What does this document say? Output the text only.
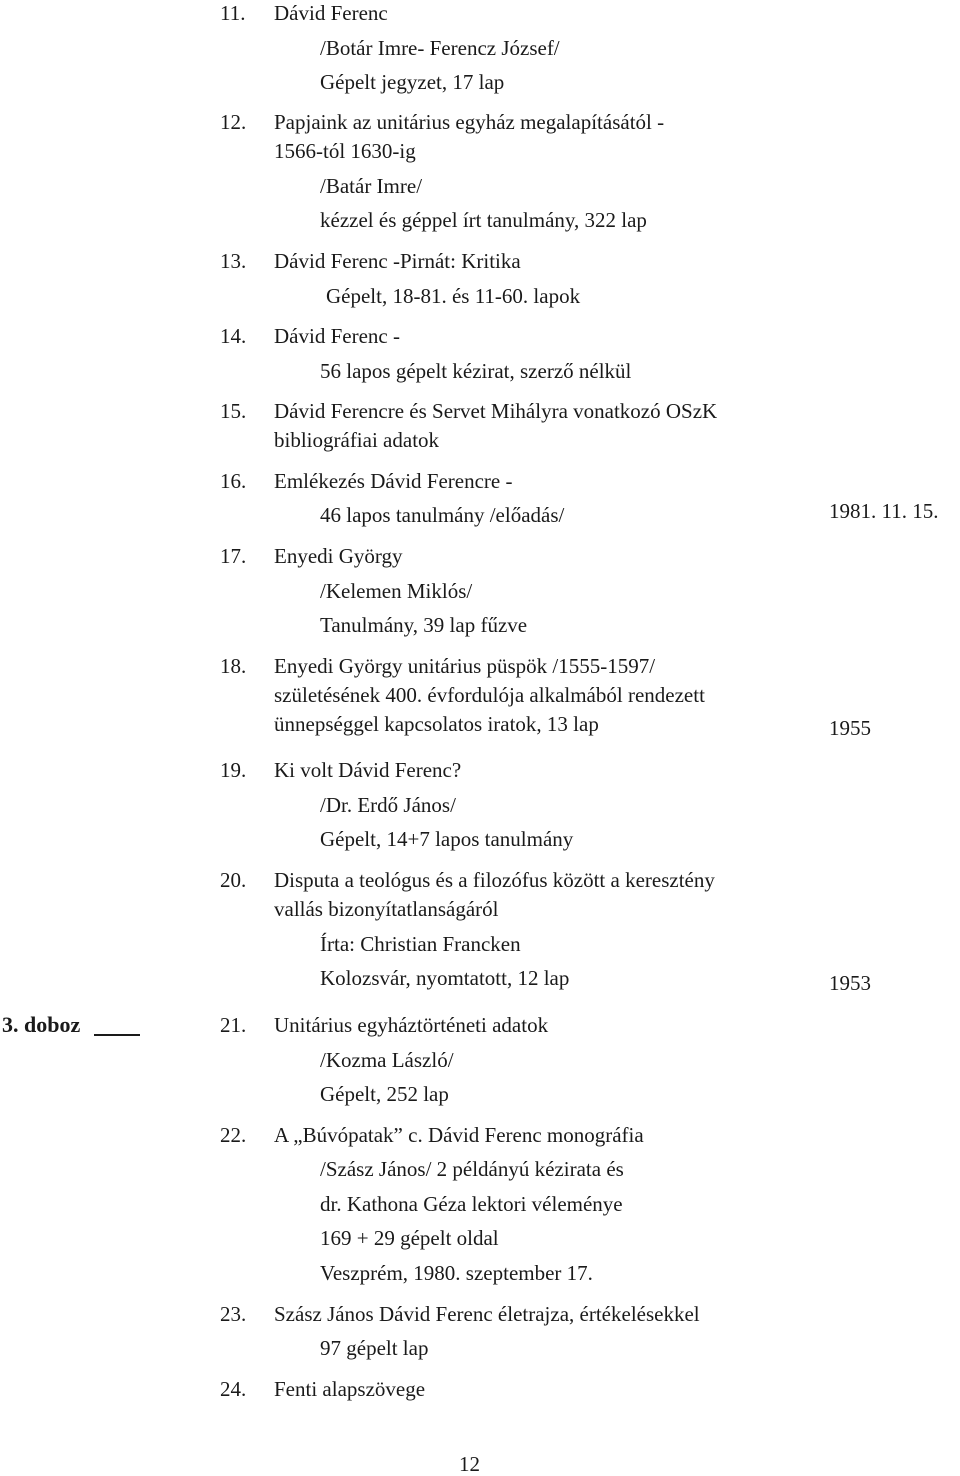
11. Dávid Ferenc
/Botár Imre- Ferencz József/
Gépelt jegyzet, 17 lap
12. Papjaink az unitárius egyház megalapításától -
1566-tól 1630-ig
/Batár Imre/
kézzel és géppel írt tanulmány, 322 lap
13. Dávid Ferenc -Pirnát: Kritika
Gépelt, 18-81. és 11-60. lapok
14. Dávid Ferenc -
56 lapos gépelt kézirat, szerző nélkül
15. Dávid Ferencre és Servet Mihályra vonatkozó OSzK
bibliográfiai adatok
16. Emlékezés Dávid Ferencre -
46 lapos tanulmány /előadás/	1981. 11. 15.
17. Enyedi György
/Kelemen Miklós/
Tanulmány, 39 lap fűzve
18. Enyedi György unitárius püspök /1555-1597/
születésének 400. évfordulója alkalmából rendezett
ünnepséggel kapcsolatos iratok, 13 lap	1955
19. Ki volt Dávid Ferenc?
/Dr. Erdő János/
Gépelt, 14+7 lapos tanulmány
20. Disputa a teológus és a filozófus között a keresztény
vallás bizonyítatlanságáról
Írta: Christian Francken
Kolozsvár, nyomtatott, 12 lap	1953
3. doboz	21. Unitárius egyháztörténeti adatok
/Kozma László/
Gépelt, 252 lap
22. A „Búvópatak” c. Dávid Ferenc monográfia
/Szász János/ 2 példányú kézirata és
dr. Kathona Géza lektori véleménye
169 + 29 gépelt oldal
Veszprém, 1980. szeptember 17.
23. Szász János Dávid Ferenc életrajza, értékelésekkel
97 gépelt lap
24. Fenti alapszövege
12
